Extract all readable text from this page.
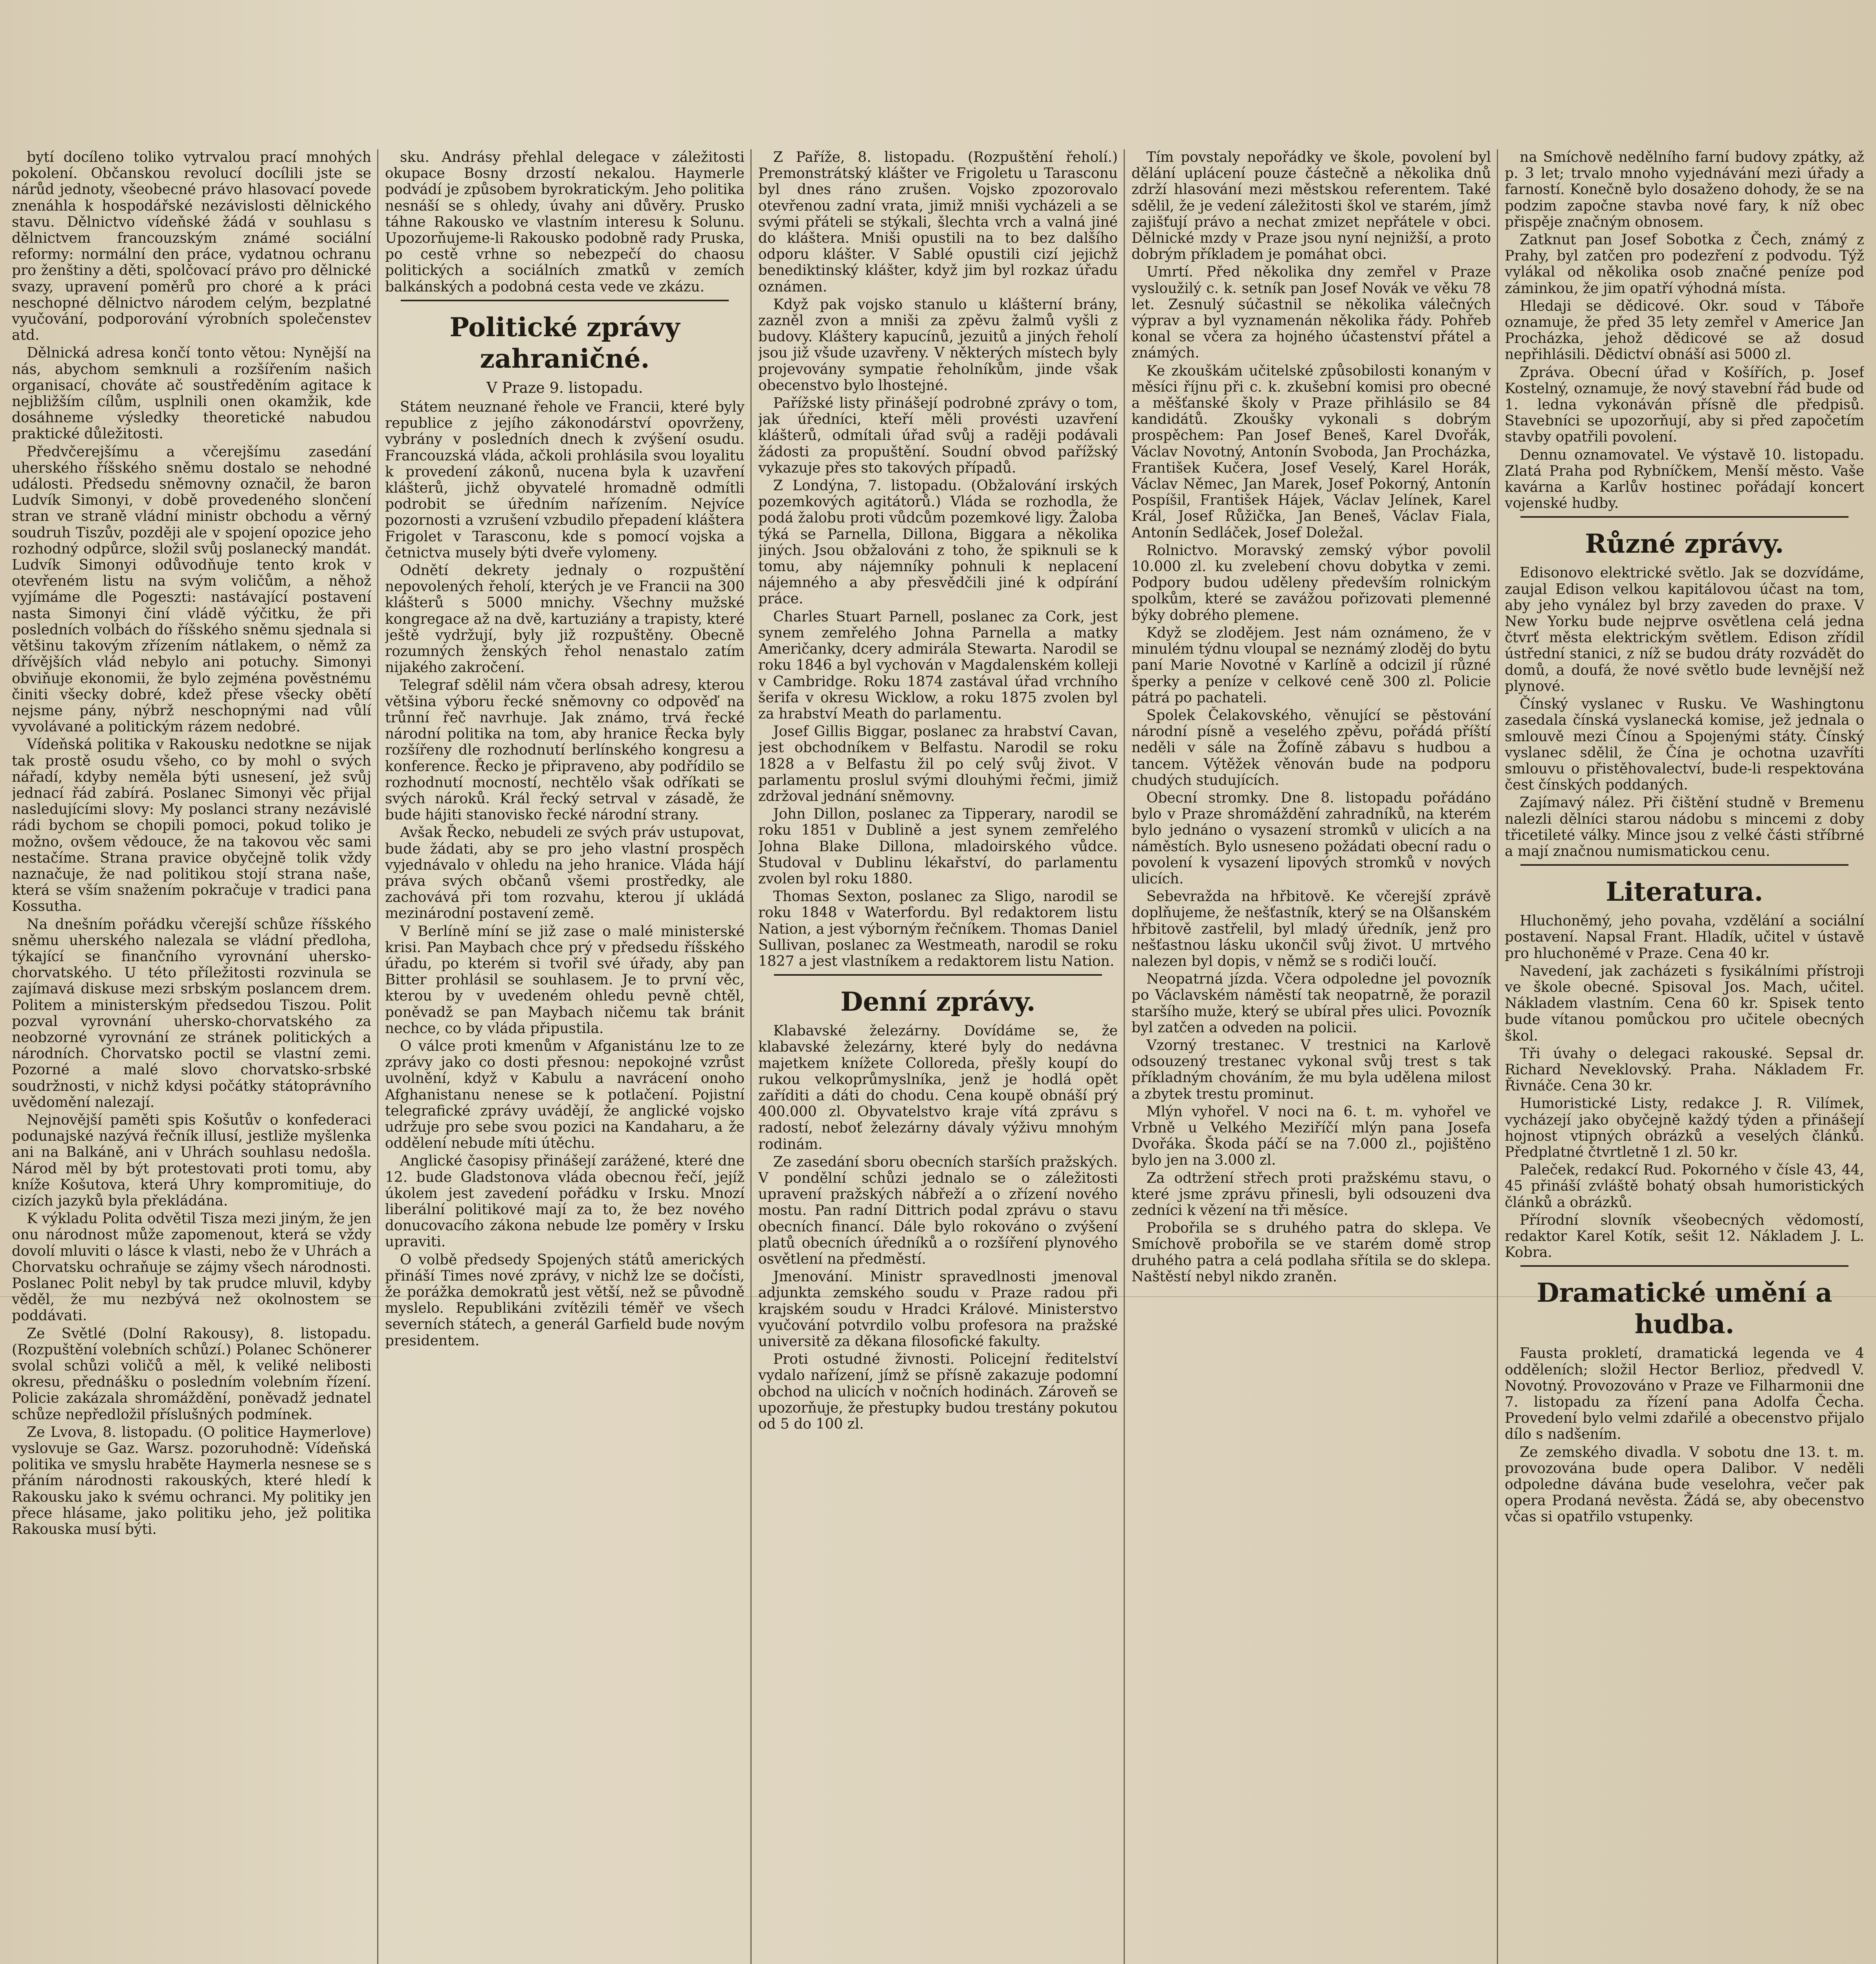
bytí docíleno toliko vytrvalou prací mnohých pokolení. Občanskou revolucí docílili jste se nárůd jednoty, všeobecné právo hlasovací povede znenáhla k hospodářské nezávislosti dělnického stavu. Dělnictvo vídeňské žádá v souhlasu s dělnictvem francouzským známé sociální reformy: normální den práce, vydatnou ochranu pro ženštiny a děti, spolčovací právo pro dělnické svazy, upravení poměrů pro choré a k práci neschopné dělnictvo národem celým, bezplatné vyučování, podporování výrobních společenstev atd.

Dělnická adresa končí tonto větou: Nynější na nás, abychom semknuli a rozšířením našich organisací, chováte ač soustředěním agitace k nejbližším cílům, usplnili onen okamžik, kde dosáhneme výsledky theoretické nabudou praktické důležitosti.

Předvčerejšímu a včerejšímu zasedání uherského říšského sněmu dostalo se nehodné události. Předsedu sněmovny označil, že baron Ludvík Simonyi, v době provedeného slončení stran ve straně vládní ministr obchodu a věrný soudruh Tiszův, později ale v spojení opozice jeho rozhodný odpůrce, složil svůj poslanecký mandát. Ludvík Simonyi odůvodňuje tento krok v otevřeném listu na svým voličům, a něhož vyjímáme dle Pogeszti: nastávající postavení nasta Simonyi činí vládě výčitku, že při posledních volbách do říšského sněmu sjednala si většinu takovým zřízením nátlakem, o němž za dřívějších vlád nebylo ani potuchy. Simonyi obviňuje ekonomii, že bylo zejména pověstnému činiti všecky dobré, kdež přese všecky obětí nejsme pány, nýbrž neschopnými nad vůlí vyvolávané a politickým rázem nedobré.

Vídeňská politika v Rakousku nedotkne se nijak tak prostě osudu všeho, co by mohl o svých nářadí, kdyby neměla býti usnesení, jež svůj jednací řád zabírá. Poslanec Simonyi věc přijal nasledujícími slovy: My poslanci strany nezávislé rádi bychom se chopili pomoci, pokud toliko je možno, ovšem vědouce, že na takovou věc sami nestačíme. Strana pravice obyčejně tolik vždy naznačuje, že nad politikou stojí strana naše, která se vším snažením pokračuje v tradici pana Kossutha.

Na dnešním pořádku včerejší schůze říšského sněmu uherského nalezala se vládní předloha, týkající se finančního vyrovnání uhersko-chorvatského. U této příležitosti rozvinula se zajímavá diskuse mezi srbským poslancem drem. Politem a ministerským předsedou Tiszou. Polit pozval vyrovnání uhersko-chorvatského za neobzorné vyrovnání ze stránek politických a národních. Chorvatsko poctil se vlastní zemi. Pozorné a malé slovo chorvatsko-srbské soudržnosti, v nichž kdysi počátky státoprávního uvědomění nalezají.

Nejnovější paměti spis Košutův o konfederaci podunajské nazývá řečník illusí, jestliže myšlenka ani na Balkáně, ani v Uhrách souhlasu nedošla. Národ měl by být protestovati proti tomu, aby kníže Košutova, která Uhry kompromitiuje, do cizích jazyků byla překládána.

K výkladu Polita odvětil Tisza mezi jiným, že jen onu národnost může zapomenout, která se vždy dovolí mluviti o lásce k vlasti, nebo že v Uhrách a Chorvatsku ochraňuje se zájmy všech národnosti. Poslanec Polit nebyl by tak prudce mluvil, kdyby věděl, že mu nezbývá než okolnostem se poddávati.

Ze Světlé (Dolní Rakousy), 8. listopadu. (Rozpuštění volebních schůzí.) Polanec Schönerer svolal schůzi voličů a měl, k veliké nelibosti okresu, přednášku o posledním volebním řízení. Policie zakázala shromáždění, poněvadž jednatel schůze nepředložil příslušných podmínek.

Ze Lvova, 8. listopadu. (O politice Haymerlove) vyslovuje se Gaz. Warsz. pozoruhodně: Vídeňská politika ve smyslu hraběte Haymerla nesnese se s přáním národnosti rakouských, které hledí k Rakousku jako k svému ochranci. My politiky jen přece hlásame, jako politiku jeho, jež politika Rakouska musí býti.

sku. Andrásy přehlal delegace v záležitosti okupace Bosny drzostí nekalou. Haymerle podvádí je způsobem byrokratickým. Jeho politika nesnáší se s ohledy, úvahy ani důvěry. Prusko táhne Rakousko ve vlastním interesu k Solunu. Upozorňujeme-li Rakousko podobně rady Pruska, po cestě vrhne so nebezpečí do chaosu politických a sociálních zmatků v zemích balkánských a podobná cesta vede ve zkázu.

Politické zprávy zahraničné.
V Praze 9. listopadu.

Státem neuznané řehole ve Francii, které byly republice z jejího zákonodárství opovrženy, vybrány v posledních dnech k zvýšení osudu. Francouzská vláda, ačkoli prohlásila svou loyalitu k provedení zákonů, nucena byla k uzavření klášterů, jichž obyvatelé hromadně odmítli podrobit se úředním nařízením. Nejvíce pozornosti a vzrušení vzbudilo přepadení kláštera Frigolet v Tarasconu, kde s pomocí vojska a četnictva musely býti dveře vylomeny.

Odnětí dekrety jednaly o rozpuštění nepovolených řeholí, kterých je ve Francii na 300 klášterů s 5000 mnichy. Všechny mužské kongregace až na dvě, kartuziány a trapisty, které ještě vydržují, byly již rozpuštěny. Obecně rozumných ženských řehol nenastalo zatím nijakého zakročení.

Telegraf sdělil nám včera obsah adresy, kterou většina výboru řecké sněmovny co odpověď na trůnní řeč navrhuje. Jak známo, trvá řecké národní politika na tom, aby hranice Řecka byly rozšířeny dle rozhodnutí berlínského kongresu a konference. Řecko je připraveno, aby podřídilo se rozhodnutí mocností, nechtělo však odříkati se svých nároků. Král řecký setrval v zásadě, že bude hájiti stanovisko řecké národní strany.

Avšak Řecko, nebudeli ze svých práv ustupovat, bude žádati, aby se pro jeho vlastní prospěch vyjednávalo v ohledu na jeho hranice. Vláda hájí práva svých občanů všemi prostředky, ale zachovává při tom rozvahu, kterou jí ukládá mezinárodní postavení země.

V Berlíně míní se již zase o malé ministerské krisi. Pan Maybach chce prý v předsedu říšského úřadu, po kterém si tvořil své úřady, aby pan Bitter prohlásil se souhlasem. Je to první věc, kterou by v uvedeném ohledu pevně chtěl, poněvadž se pan Maybach ničemu tak bránit nechce, co by vláda připustila.

O válce proti kmenům v Afganistánu lze to ze zprávy jako co dosti přesnou: nepokojné vzrůst uvolnění, když v Kabulu a navrácení onoho Afghanistanu nenese se k potlačení. Pojistní telegrafické zprávy uvádějí, že anglické vojsko udržuje pro sebe svou pozici na Kandaharu, a že oddělení nebude míti útěchu.

Anglické časopisy přinášejí zarážené, které dne 12. bude Gladstonova vláda obecnou řečí, jejíž úkolem jest zavedení pořádku v Irsku. Mnozí liberální politikové mají za to, že bez nového donucovacího zákona nebude lze poměry v Irsku upraviti.

O volbě předsedy Spojených států amerických přináší Times nové zprávy, v nichž lze se dočísti, že porážka demokratů jest větší, než se původně myslelo. Republikáni zvítězili téměř ve všech severních státech, a generál Garfield bude novým presidentem.

Z Paříže, 8. listopadu. (Rozpuštění řeholí.) Premonstrátský klášter ve Frigoletu u Tarasconu byl dnes ráno zrušen. Vojsko zpozorovalo otevřenou zadní vrata, jimiž mniši vycházeli a se svými přáteli se stýkali, šlechta vrch a valná jiné do kláštera. Mniši opustili na to bez dalšího odporu klášter. V Sablé opustili cizí jejichž benediktinský klášter, když jim byl rozkaz úřadu oznámen.

Když pak vojsko stanulo u klášterní brány, zazněl zvon a mniši za zpěvu žalmů vyšli z budovy. Kláštery kapucínů, jezuitů a jiných řeholí jsou již všude uzavřeny. V některých místech byly projevovány sympatie řeholníkům, jinde však obecenstvo bylo lhostejné.

Pařížské listy přinášejí podrobné zprávy o tom, jak úředníci, kteří měli provésti uzavření klášterů, odmítali úřad svůj a raději podávali žádosti za propuštění. Soudní obvod pařížský vykazuje přes sto takových případů.

Z Londýna, 7. listopadu. (Obžalování irských pozemkových agitátorů.) Vláda se rozhodla, že podá žalobu proti vůdcům pozemkové ligy. Žaloba týká se Parnella, Dillona, Biggara a několika jiných. Jsou obžalováni z toho, že spiknuli se k tomu, aby nájemníky pohnuli k neplacení nájemného a aby přesvědčili jiné k odpírání práce.

Charles Stuart Parnell, poslanec za Cork, jest synem zemřelého Johna Parnella a matky Američanky, dcery admirála Stewarta. Narodil se roku 1846 a byl vychován v Magdalenském kolleji v Cambridge. Roku 1874 zastával úřad vrchního šerifa v okresu Wicklow, a roku 1875 zvolen byl za hrabství Meath do parlamentu.

Josef Gillis Biggar, poslanec za hrabství Cavan, jest obchodníkem v Belfastu. Narodil se roku 1828 a v Belfastu žil po celý svůj život. V parlamentu proslul svými dlouhými řečmi, jimiž zdržoval jednání sněmovny.

John Dillon, poslanec za Tipperary, narodil se roku 1851 v Dublině a jest synem zemřelého Johna Blake Dillona, mladoirského vůdce. Studoval v Dublinu lékařství, do parlamentu zvolen byl roku 1880.

Thomas Sexton, poslanec za Sligo, narodil se roku 1848 v Waterfordu. Byl redaktorem listu Nation, a jest výborným řečníkem. Thomas Daniel Sullivan, poslanec za Westmeath, narodil se roku 1827 a jest vlastníkem a redaktorem listu Nation.

Denní zprávy.

Klabavské železárny. Dovídáme se, že klabavské železárny, které byly do nedávna majetkem knížete Colloreda, přešly koupí do rukou velkoprůmyslníka, jenž je hodlá opět zaříditi a dáti do chodu. Cena koupě obnáší prý 400.000 zl. Obyvatelstvo kraje vítá zprávu s radostí, neboť železárny dávaly výživu mnohým rodinám.

Ze zasedání sboru obecních starších pražských. V pondělní schůzi jednalo se o záležitosti upravení pražských nábřeží a o zřízení nového mostu. Pan radní Dittrich podal zprávu o stavu obecních financí. Dále bylo rokováno o zvýšení platů obecních úředníků a o rozšíření plynového osvětlení na předměstí.

Jmenování. Ministr spravedlnosti jmenoval adjunkta zemského soudu v Praze radou při krajském soudu v Hradci Králové. Ministerstvo vyučování potvrdilo volbu profesora na pražské universitě za děkana filosofické fakulty.

Proti ostudné živnosti. Policejní ředitelství vydalo nařízení, jímž se přísně zakazuje podomní obchod na ulicích v nočních hodinách. Zároveň se upozorňuje, že přestupky budou trestány pokutou od 5 do 100 zl.

Tím povstaly nepořádky ve škole, povolení byl dělání uplácení pouze částečně a několika dnů zdrží hlasování mezi městskou referentem. Také sdělil, že je vedení záležitosti škol ve starém, jímž zajišťují právo a nechat zmizet nepřátele v obci. Dělnické mzdy v Praze jsou nyní nejnižší, a proto dobrým příkladem je pomáhat obci.

Umrtí. Před několika dny zemřel v Praze vysloužilý c. k. setník pan Josef Novák ve věku 78 let. Zesnulý súčastnil se několika válečných výprav a byl vyznamenán několika řády. Pohřeb konal se včera za hojného účastenství přátel a známých.

Ke zkouškám učitelské způsobilosti konaným v měsíci říjnu při c. k. zkušební komisi pro obecné a měšťanské školy v Praze přihlásilo se 84 kandidátů. Zkoušky vykonali s dobrým prospěchem: Pan Josef Beneš, Karel Dvořák, Václav Novotný, Antonín Svoboda, Jan Procházka, František Kučera, Josef Veselý, Karel Horák, Václav Němec, Jan Marek, Josef Pokorný, Antonín Pospíšil, František Hájek, Václav Jelínek, Karel Král, Josef Růžička, Jan Beneš, Václav Fiala, Antonín Sedláček, Josef Doležal.

Rolnictvo. Moravský zemský výbor povolil 10.000 zl. ku zvelebení chovu dobytka v zemi. Podpory budou uděleny především rolnickým spolkům, které se zavážou pořizovati plemenné býky dobrého plemene.

Když se zlodějem. Jest nám oznámeno, že v minulém týdnu vloupal se neznámý zloděj do bytu paní Marie Novotné v Karlíně a odcizil jí různé šperky a peníze v celkové ceně 300 zl. Policie pátrá po pachateli.

Spolek Čelakovského, věnující se pěstování národní písně a veselého zpěvu, pořádá příští neděli v sále na Žofíně zábavu s hudbou a tancem. Výtěžek věnován bude na podporu chudých studujících.

Obecní stromky. Dne 8. listopadu pořádáno bylo v Praze shromáždění zahradníků, na kterém bylo jednáno o vysazení stromků v ulicích a na náměstích. Bylo usneseno požádati obecní radu o povolení k vysazení lipových stromků v nových ulicích.

Sebevražda na hřbitově. Ke včerejší zprávě doplňujeme, že nešťastník, který se na Olšanském hřbitově zastřelil, byl mladý úředník, jenž pro nešťastnou lásku ukončil svůj život. U mrtvého nalezen byl dopis, v němž se s rodiči loučí.

Neopatrná jízda. Včera odpoledne jel povozník po Václavském náměstí tak neopatrně, že porazil staršího muže, který se ubíral přes ulici. Povozník byl zatčen a odveden na policii.

Vzorný trestanec. V trestnici na Karlově odsouzený trestanec vykonal svůj trest s tak příkladným chováním, že mu byla udělena milost a zbytek trestu prominut.

Mlýn vyhořel. V noci na 6. t. m. vyhořel ve Vrbně u Velkého Meziříčí mlýn pana Josefa Dvořáka. Škoda páčí se na 7.000 zl., pojištěno bylo jen na 3.000 zl.

Za odtržení střech proti pražskému stavu, o které jsme zprávu přinesli, byli odsouzeni dva zedníci k vězení na tři měsíce.

Probořila se s druhého patra do sklepa. Ve Smíchově probořila se ve starém domě strop druhého patra a celá podlaha sřítila se do sklepa. Naštěstí nebyl nikdo zraněn.

na Smíchově nedělního farní budovy zpátky, až p. 3 let; trvalo mnoho vyjednávání mezi úřady a farností. Konečně bylo dosaženo dohody, že se na podzim započne stavba nové fary, k níž obec přispěje značným obnosem.

Zatknut pan Josef Sobotka z Čech, známý z Prahy, byl zatčen pro podezření z podvodu. Týž vylákal od několika osob značné peníze pod záminkou, že jim opatří výhodná místa.

Hledaji se dědicové. Okr. soud v Táboře oznamuje, že před 35 lety zemřel v Americe Jan Procházka, jehož dědicové se až dosud nepřihlásili. Dědictví obnáší asi 5000 zl.

Zpráva. Obecní úřad v Košířích, p. Josef Kostelný, oznamuje, že nový stavební řád bude od 1. ledna vykonáván přísně dle předpisů. Stavebníci se upozorňují, aby si před započetím stavby opatřili povolení.

Dennu oznamovatel. Ve výstavě 10. listopadu. Zlatá Praha pod Rybníčkem, Menší město. Vaše kavárna a Karlův hostinec pořádají koncert vojenské hudby.

Různé zprávy.

Edisonovo elektrické světlo. Jak se dozvídáme, zaujal Edison velkou kapitálovou účast na tom, aby jeho vynález byl brzy zaveden do praxe. V New Yorku bude nejprve osvětlena celá jedna čtvrť města elektrickým světlem. Edison zřídil ústřední stanici, z níž se budou dráty rozvádět do domů, a doufá, že nové světlo bude levnější než plynové.

Čínský vyslanec v Rusku. Ve Washingtonu zasedala čínská vyslanecká komise, jež jednala o smlouvě mezi Čínou a Spojenými státy. Čínský vyslanec sdělil, že Čína je ochotna uzavříti smlouvu o přistěhovalectví, bude-li respektována čest čínských poddaných.

Zajímavý nález. Při čištění studně v Bremenu nalezli dělníci starou nádobu s mincemi z doby třicetileté války. Mince jsou z velké části stříbrné a mají značnou numismatickou cenu.

Literatura.

Hluchoněmý, jeho povaha, vzdělání a sociální postavení. Napsal Frant. Hladík, učitel v ústavě pro hluchoněmé v Praze. Cena 40 kr.

Navedení, jak zacházeti s fysikálními přístroji ve škole obecné. Spisoval Jos. Mach, učitel. Nákladem vlastním. Cena 60 kr. Spisek tento bude vítanou pomůckou pro učitele obecných škol.

Tři úvahy o delegaci rakouské. Sepsal dr. Richard Neveklovský. Praha. Nákladem Fr. Řivnáče. Cena 30 kr.

Humoristické Listy, redakce J. R. Vilímek, vycházejí jako obyčejně každý týden a přinášejí hojnost vtipných obrázků a veselých článků. Předplatné čtvrtletně 1 zl. 50 kr.

Paleček, redakcí Rud. Pokorného v čísle 43, 44, 45 přináší zvláště bohatý obsah humoristických článků a obrázků.

Přírodní slovník všeobecných vědomostí, redaktor Karel Kotík, sešit 12. Nákladem J. L. Kobra.

Dramatické umění a hudba.

Fausta prokletí, dramatická legenda ve 4 odděleních; složil Hector Berlioz, předvedl V. Novotný. Provozováno v Praze ve Filharmonii dne 7. listopadu za řízení pana Adolfa Čecha. Provedení bylo velmi zdařilé a obecenstvo přijalo dílo s nadšením.

Ze zemského divadla. V sobotu dne 13. t. m. provozována bude opera Dalibor. V neděli odpoledne dávána bude veselohra, večer pak opera Prodaná nevěsta. Žádá se, aby obecenstvo včas si opatřilo vstupenky.
